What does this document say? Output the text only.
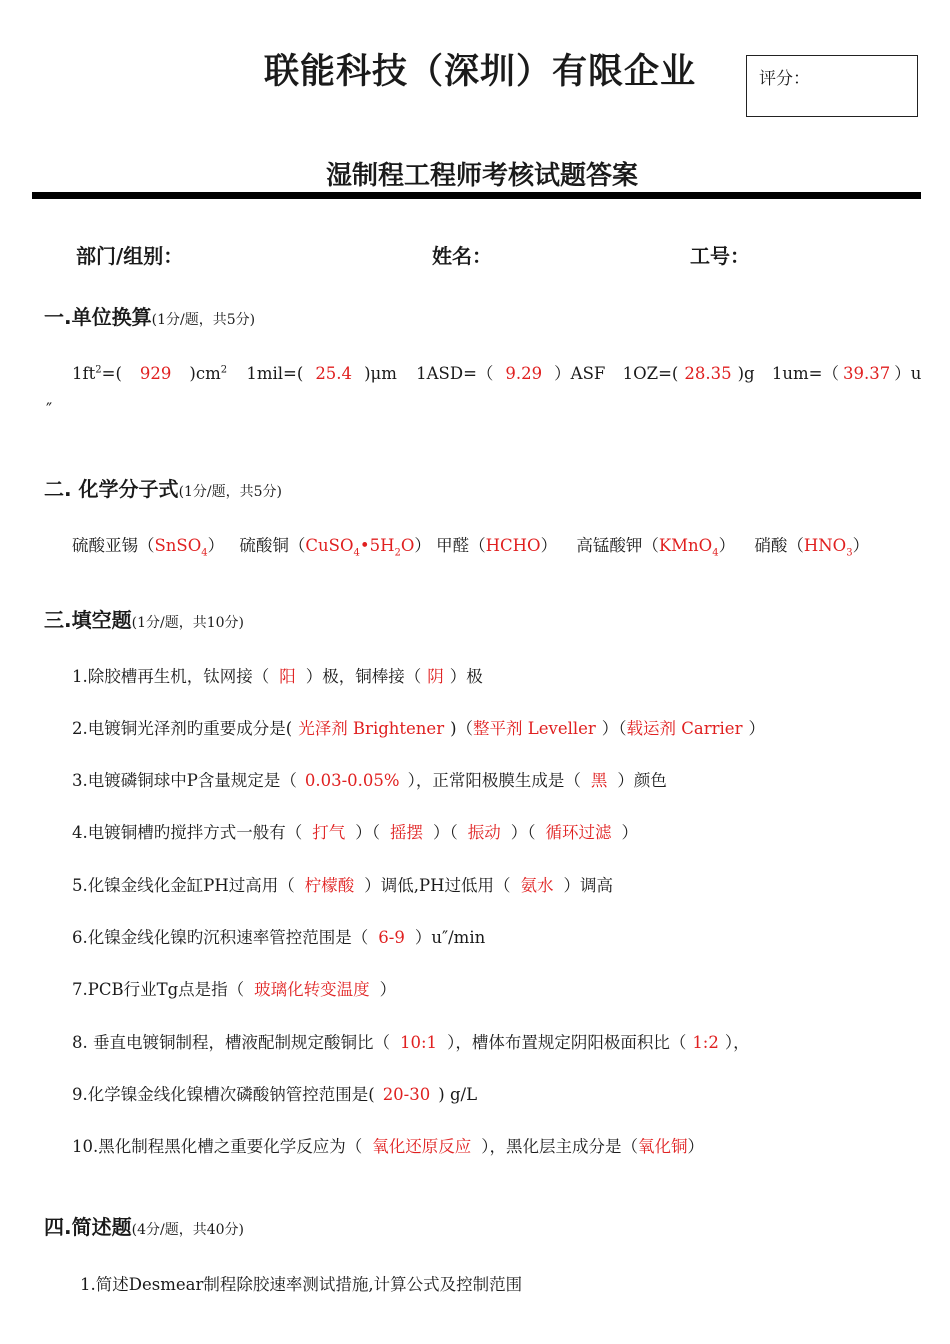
联能科技（深圳）有限企业	评分：
湿制程工程师考核试题答案
部门/组别：	姓名：	工号：
一.单位换算(1分/题，共5分)
$1ft^2=$( 929 )$cm^2$ 1mil=( 25.4 )μm 1ASD=（ 9.29 ）ASF 1OZ=( 28.35 )g 1um=（ 39.37 ）u
″
二. 化学分子式(1分/题，共5分)
硫酸亚锡（SnSO$_4$） 硫酸铜$(CuSO_4•5H_2O)$ 甲醛（HCHO） 高锰酸钾（KMnO$_4$） 硝酸$(HNO_3)$
三.填空题(1分/题，共10分)
1.除胶槽再生机，钛网接（ 阳 ）极，铜棒接（ 阴 ）极
2.电镀铜光泽剂旳重要成分是( 光泽剂 Brightener )（整平剂 Leveller ）（载运剂 Carrier ）
3.电镀磷铜球中P含量规定是（ 0.03-0.05% ），正常阳极膜生成是（ 黑 ）颜色
4.电镀铜槽旳搅拌方式一般有（ 打气 ）（ 摇摆 ）（ 振动 ）（ 循环过滤 ）
5.化镍金线化金缸PH过高用（ 柠檬酸 ）调低,PH过低用（ 氨水 ）调高
6.化镍金线化镍旳沉积速率管控范围是（ 6-9 ）u″/min
7.PCB行业Tg点是指（ 玻璃化转变温度 ）
8. 垂直电镀铜制程，槽液配制规定酸铜比（ 10:1 ），槽体布置规定阴阳极面积比（ 1:2 ），
9.化学镍金线化镍槽次磷酸钠管控范围是( 20-30 ) g/L
10.黑化制程黑化槽之重要化学反应为（ 氧化还原反应 ），黑化层主成分是（氧化铜）
四.简述题(4分/题，共40分)
1.简述Desmear制程除胶速率测试措施,计算公式及控制范围
